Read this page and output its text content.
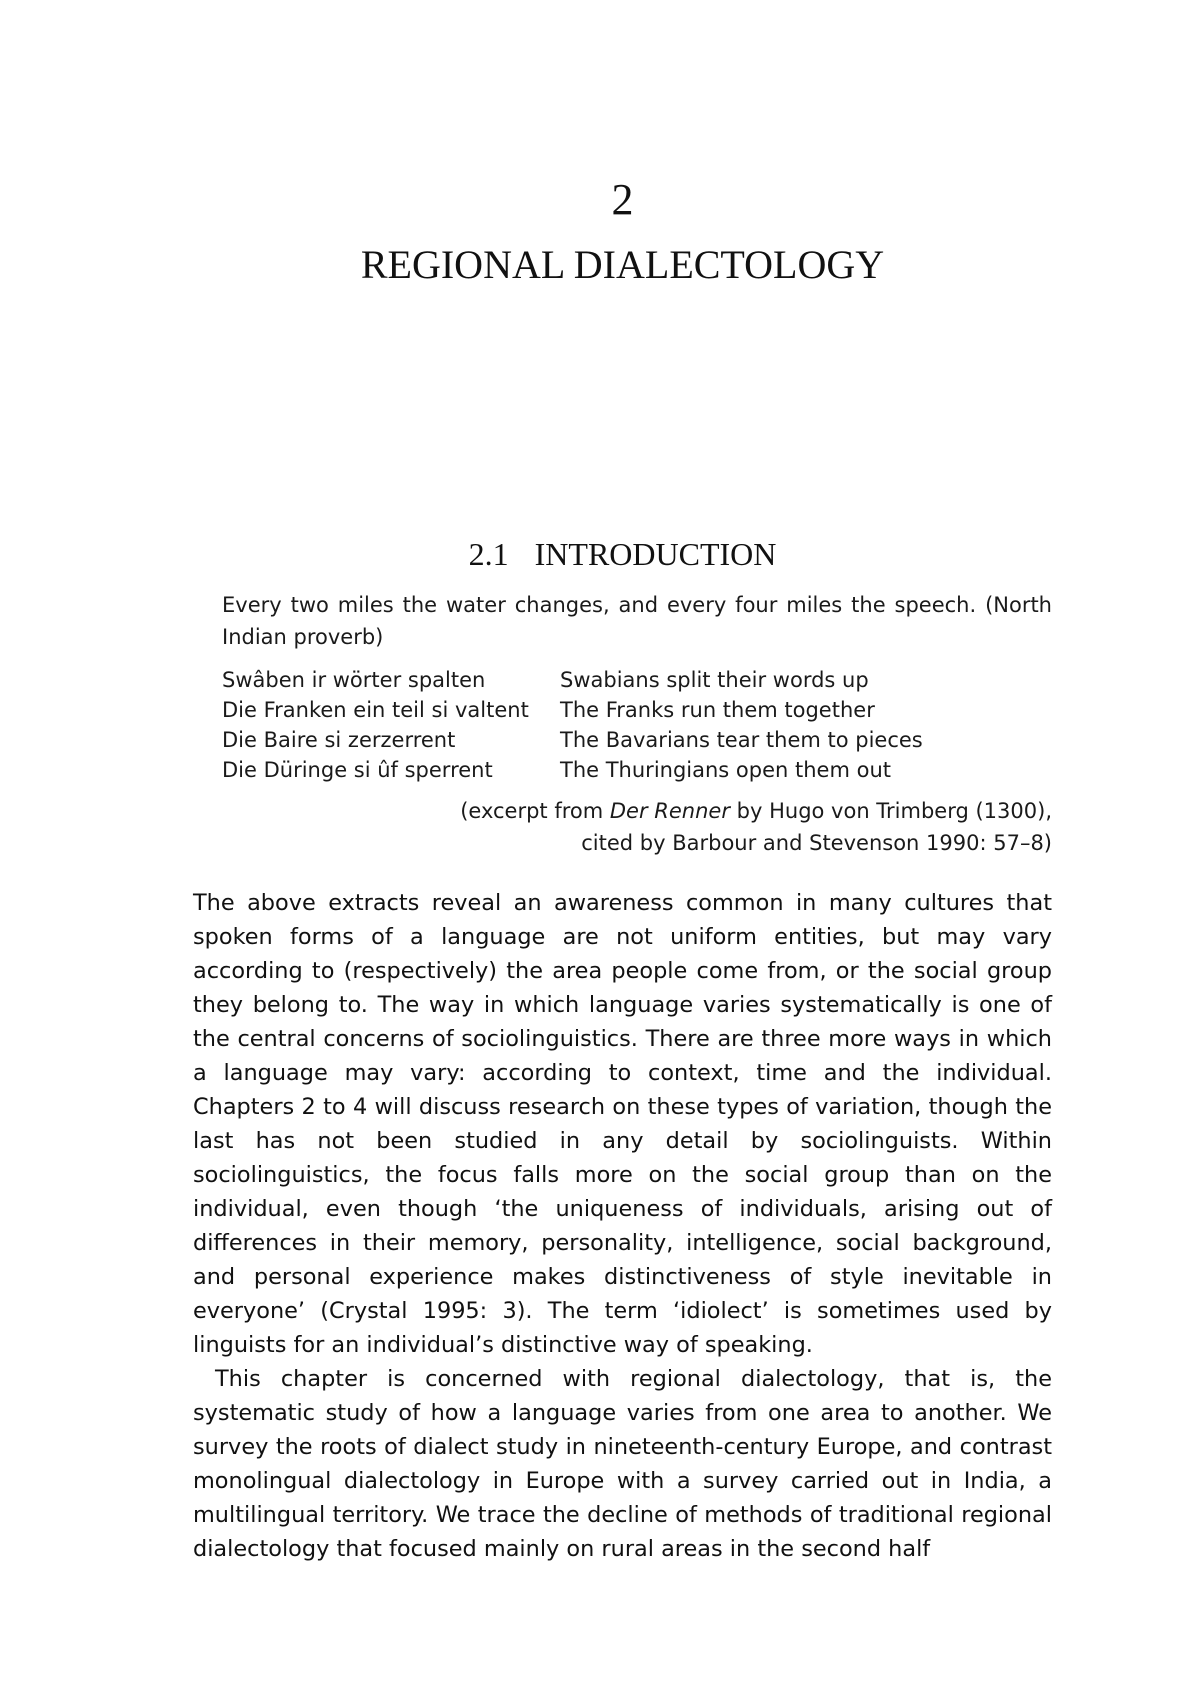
2
REGIONAL DIALECTOLOGY
2.1 INTRODUCTION

Every two miles the water changes, and every four miles the speech. (North Indian proverb)

Swâben ir wörter spalten	Swabians split their words up
Die Franken ein teil si valtent	The Franks run them together
Die Baire si zerzerrent	The Bavarians tear them to pieces
Die Düringe si ûf sperrent	The Thuringians open them out
(excerpt from Der Renner by Hugo von Trimberg (1300),
cited by Barbour and Stevenson 1990: 57–8)

The above extracts reveal an awareness common in many cultures that spoken forms of a language are not uniform entities, but may vary according to (respectively) the area people come from, or the social group they belong to. The way in which language varies systematically is one of the central concerns of sociolinguistics. There are three more ways in which a language may vary: according to context, time and the individual. Chapters 2 to 4 will discuss research on these types of variation, though the last has not been studied in any detail by sociolinguists. Within sociolinguistics, the focus falls more on the social group than on the individual, even though ‘the uniqueness of individuals, arising out of differences in their memory, personality, intelligence, social background, and personal experience makes distinctiveness of style inevitable in everyone’ (Crystal 1995: 3). The term ‘idiolect’ is sometimes used by linguists for an individual’s distinctive way of speaking.

This chapter is concerned with regional dialectology, that is, the systematic study of how a language varies from one area to another. We survey the roots of dialect study in nineteenth-century Europe, and contrast monolingual dialectology in Europe with a survey carried out in India, a multilingual territory. We trace the decline of methods of traditional regional dialectology that focused mainly on rural areas in the second half
